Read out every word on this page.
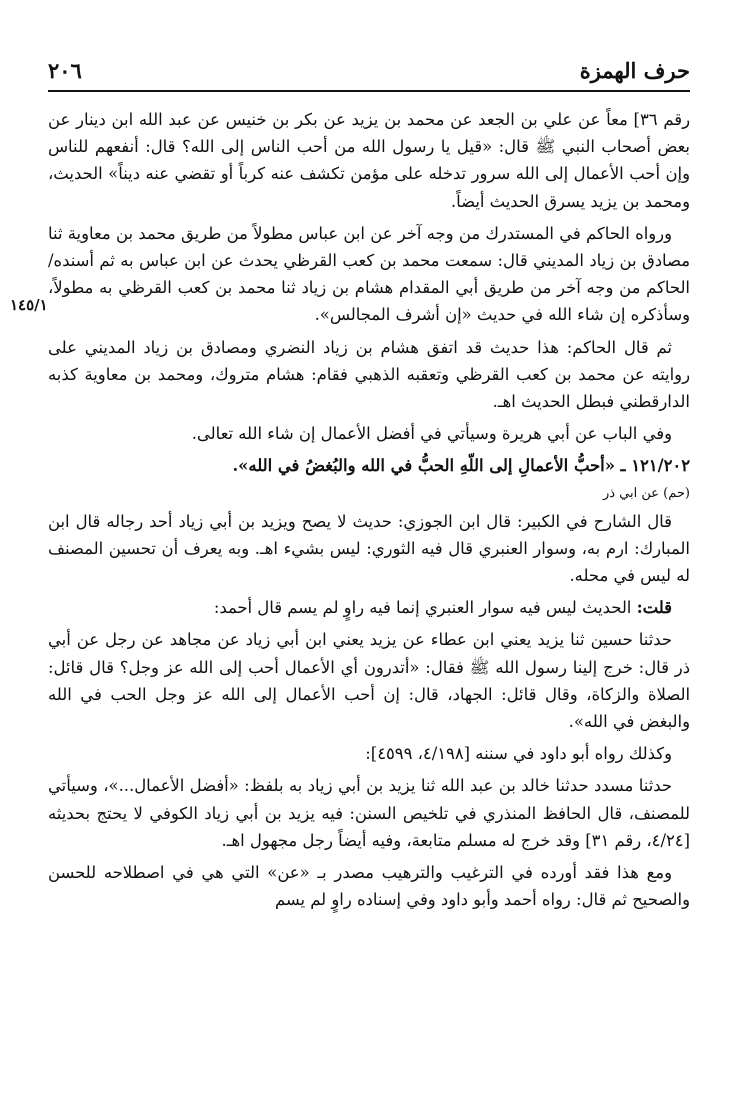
حرف الهمزة
٢٠٦
١٤٥/١

رقم ٣٦] معاً عن علي بن الجعد عن محمد بن يزيد عن بكر بن خنيس عن عبد الله ابن دينار عن بعض أصحاب النبي ﷺ قال: «قيل يا رسول الله من أحب الناس إلى الله؟ قال: أنفعهم للناس وإن أحب الأعمال إلى الله سرور تدخله على مؤمن تكشف عنه كرباً أو تقضي عنه ديناً» الحديث، ومحمد بن يزيد يسرق الحديث أيضاً.

ورواه الحاكم في المستدرك من وجه آخر عن ابن عباس مطولاً من طريق محمد بن معاوية ثنا مصادق بن زياد المديني قال: سمعت محمد بن كعب القرظي يحدث عن ابن عباس به ثم أسنده/ الحاكم من وجه آخر من طريق أبي المقدام هشام بن زياد ثنا محمد بن كعب القرظي به مطولاً، وسأذكره إن شاء الله في حديث «إن أشرف المجالس».

ثم قال الحاكم: هذا حديث قد اتفق هشام بن زياد النضري ومصادق بن زياد المديني على روايته عن محمد بن كعب القرظي وتعقبه الذهبي فقام: هشام متروك، ومحمد بن معاوية كذبه الدارقطني فبطل الحديث اهـ.

وفي الباب عن أبي هريرة وسيأتي في أفضل الأعمال إن شاء الله تعالى.

١٢١/٢٠٢ ـ «أحبُّ الأعمالِ إلى اللّهِ الحبُّ في الله والبُغضُ في الله».

(حم) عن ابي ذر

قال الشارح في الكبير: قال ابن الجوزي: حديث لا يصح ويزيد بن أبي زياد أحد رجاله قال ابن المبارك: ارم به، وسوار العنبري قال فيه الثوري: ليس بشيء اهـ. وبه يعرف أن تحسين المصنف له ليس في محله.

قلت: الحديث ليس فيه سوار العنبري إنما فيه راوٍ لم يسم قال أحمد:

حدثنا حسين ثنا يزيد يعني ابن عطاء عن يزيد يعني ابن أبي زياد عن مجاهد عن رجل عن أبي ذر قال: خرج إلينا رسول الله ﷺ فقال: «أتدرون أي الأعمال أحب إلى الله عز وجل؟ قال قائل: الصلاة والزكاة، وقال قائل: الجهاد، قال: إن أحب الأعمال إلى الله عز وجل الحب في الله والبغض في الله».

وكذلك رواه أبو داود في سننه [٤/١٩٨، ٤٥٩٩]:

حدثنا مسدد حدثنا خالد بن عبد الله ثنا يزيد بن أبي زياد به بلفظ: «أفضل الأعمال...»، وسيأتي للمصنف، قال الحافظ المنذري في تلخيص السنن: فيه يزيد بن أبي زياد الكوفي لا يحتج بحديثه [٤/٢٤، رقم ٣١] وقد خرج له مسلم متابعة، وفيه أيضاً رجل مجهول اهـ.

ومع هذا فقد أورده في الترغيب والترهيب مصدر بـ «عن» التي هي في اصطلاحه للحسن والصحيح ثم قال: رواه أحمد وأبو داود وفي إسناده راوٍ لم يسم
